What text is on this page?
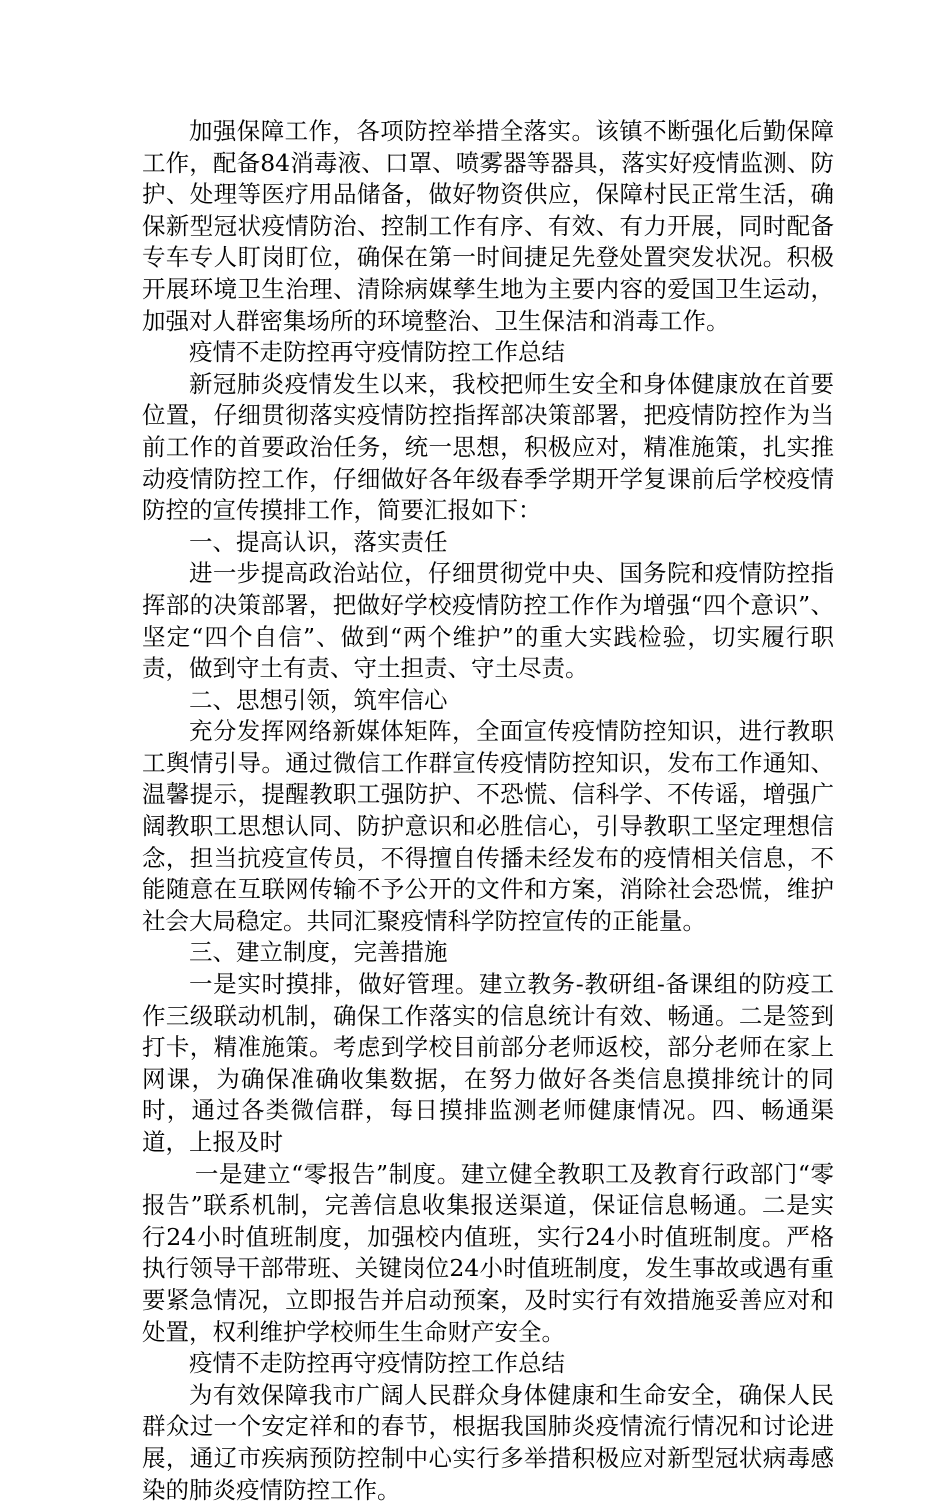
加强保障工作，各项防控举措全落实。该镇不断强化后勤保障工作，配备84消毒液、口罩、喷雾器等器具，落实好疫情监测、防护、处理等医疗用品储备，做好物资供应，保障村民正常生活，确保新型冠状疫情防治、控制工作有序、有效、有力开展，同时配备专车专人盯岗盯位，确保在第一时间捷足先登处置突发状况。积极开展环境卫生治理、清除病媒孳生地为主要内容的爱国卫生运动，加强对人群密集场所的环境整治、卫生保洁和消毒工作。

疫情不走防控再守疫情防控工作总结

新冠肺炎疫情发生以来，我校把师生安全和身体健康放在首要位置，仔细贯彻落实疫情防控指挥部决策部署，把疫情防控作为当前工作的首要政治任务，统一思想，积极应对，精准施策，扎实推动疫情防控工作，仔细做好各年级春季学期开学复课前后学校疫情防控的宣传摸排工作，简要汇报如下：

一、提高认识，落实责任

进一步提高政治站位，仔细贯彻党中央、国务院和疫情防控指挥部的决策部署，把做好学校疫情防控工作作为增强“四个意识”、坚定“四个自信”、做到“两个维护”的重大实践检验，切实履行职责，做到守土有责、守土担责、守土尽责。

二、思想引领，筑牢信心

充分发挥网络新媒体矩阵，全面宣传疫情防控知识，进行教职工舆情引导。通过微信工作群宣传疫情防控知识，发布工作通知、温馨提示，提醒教职工强防护、不恐慌、信科学、不传谣，增强广阔教职工思想认同、防护意识和必胜信心，引导教职工坚定理想信念，担当抗疫宣传员，不得擅自传播未经发布的疫情相关信息，不能随意在互联网传输不予公开的文件和方案，消除社会恐慌，维护社会大局稳定。共同汇聚疫情科学防控宣传的正能量。

三、建立制度，完善措施

一是实时摸排，做好管理。建立教务-教研组-备课组的防疫工作三级联动机制，确保工作落实的信息统计有效、畅通。二是签到打卡，精准施策。考虑到学校目前部分老师返校，部分老师在家上网课，为确保准确收集数据，在努力做好各类信息摸排统计的同时，通过各类微信群，每日摸排监测老师健康情况。四、畅通渠道，上报及时

一是建立“零报告”制度。建立健全教职工及教育行政部门“零报告”联系机制，完善信息收集报送渠道，保证信息畅通。二是实行24小时值班制度，加强校内值班，实行24小时值班制度。严格执行领导干部带班、关键岗位24小时值班制度，发生事故或遇有重要紧急情况，立即报告并启动预案，及时实行有效措施妥善应对和处置，权利维护学校师生生命财产安全。

疫情不走防控再守疫情防控工作总结

为有效保障我市广阔人民群众身体健康和生命安全，确保人民群众过一个安定祥和的春节，根据我国肺炎疫情流行情况和讨论进展，通辽市疾病预防控制中心实行多举措积极应对新型冠状病毒感染的肺炎疫情防控工作。
